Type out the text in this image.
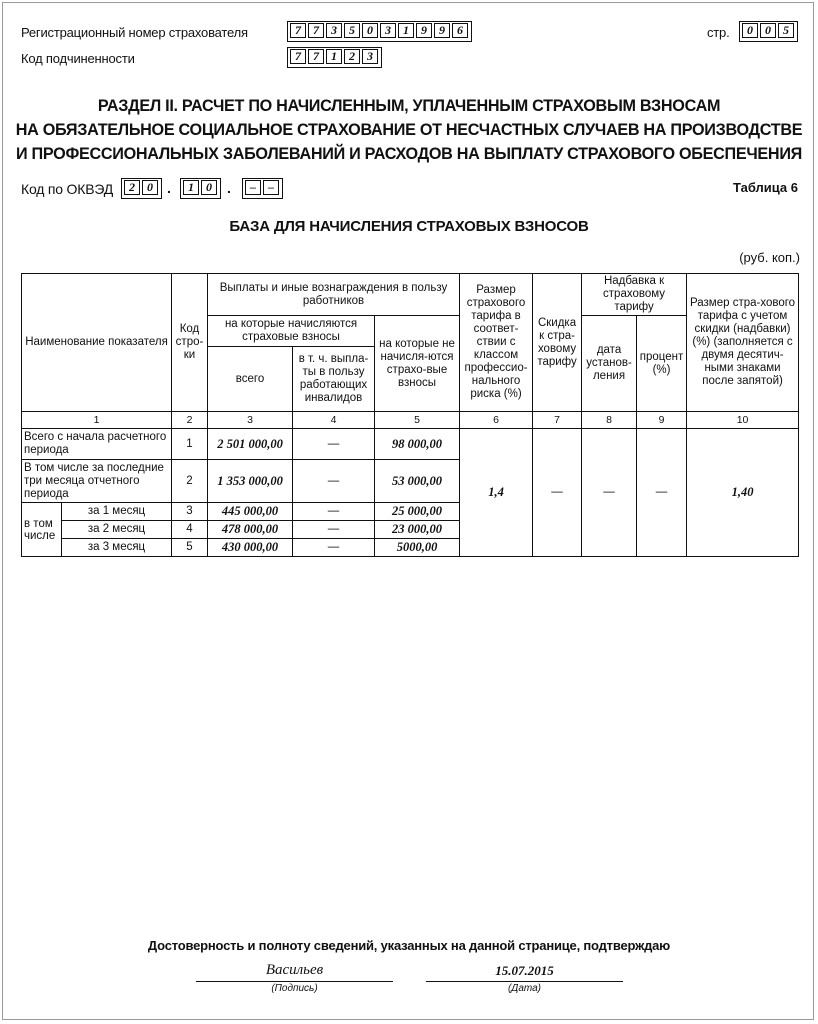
Регистрационный номер страхователя	7	7	3	5	0	3	1	9	9	6	стр.	0	0	5
Код подчиненности	7	7	1	2	3
РАЗДЕЛ II. РАСЧЕТ ПО НАЧИСЛЕННЫМ, УПЛАЧЕННЫМ СТРАХОВЫМ ВЗНОСАМ
НА ОБЯЗАТЕЛЬНОЕ СОЦИАЛЬНОЕ СТРАХОВАНИЕ ОТ НЕСЧАСТНЫХ СЛУЧАЕВ НА ПРОИЗВОДСТВЕ
И ПРОФЕССИОНАЛЬНЫХ ЗАБОЛЕВАНИЙ И РАСХОДОВ НА ВЫПЛАТУ СТРАХОВОГО ОБЕСПЕЧЕНИЯ
Код по ОКВЭД	2	0	.	1	0	.	–	–	Таблица 6
БАЗА ДЛЯ НАЧИСЛЕНИЯ СТРАХОВЫХ ВЗНОСОВ
(руб. коп.)
Наименование показателя		Код стро-ки	Выплаты и иные вознаграждения в пользу работников			Размер страхового тарифа в соответ-ствии с классом профессио-нального риска (%)	Скидка к стра-ховому тарифу	Надбавка к страховому тарифу		Размер стра-хового тарифа с учетом скидки (надбавки) (%) (заполняется с двумя десятич-ными знаками после запятой)
			на которые начисляются страховые взносы		на которые не начисля-ются страхо-вые взносы			дата установ-ления	процент (%)	
			всего	в т. ч. выпла-ты в пользу работающих инвалидов						
1		2	3	4	5	6	7	8	9	10
Всего с начала расчетного периода		1	2 501 000,00	—	98 000,00	1,4	—	—	—	1,40
В том числе за последние три месяца отчетного периода		2	1 353 000,00	—	53 000,00					
в том числе	за 1 месяц	3	445 000,00	—	25 000,00					
	за 2 месяц	4	478 000,00	—	23 000,00					
	за 3 месяц	5	430 000,00	—	5000,00					
Достоверность и полноту сведений, указанных на данной странице, подтверждаю
Васильев
(Подпись)
15.07.2015
(Дата)
